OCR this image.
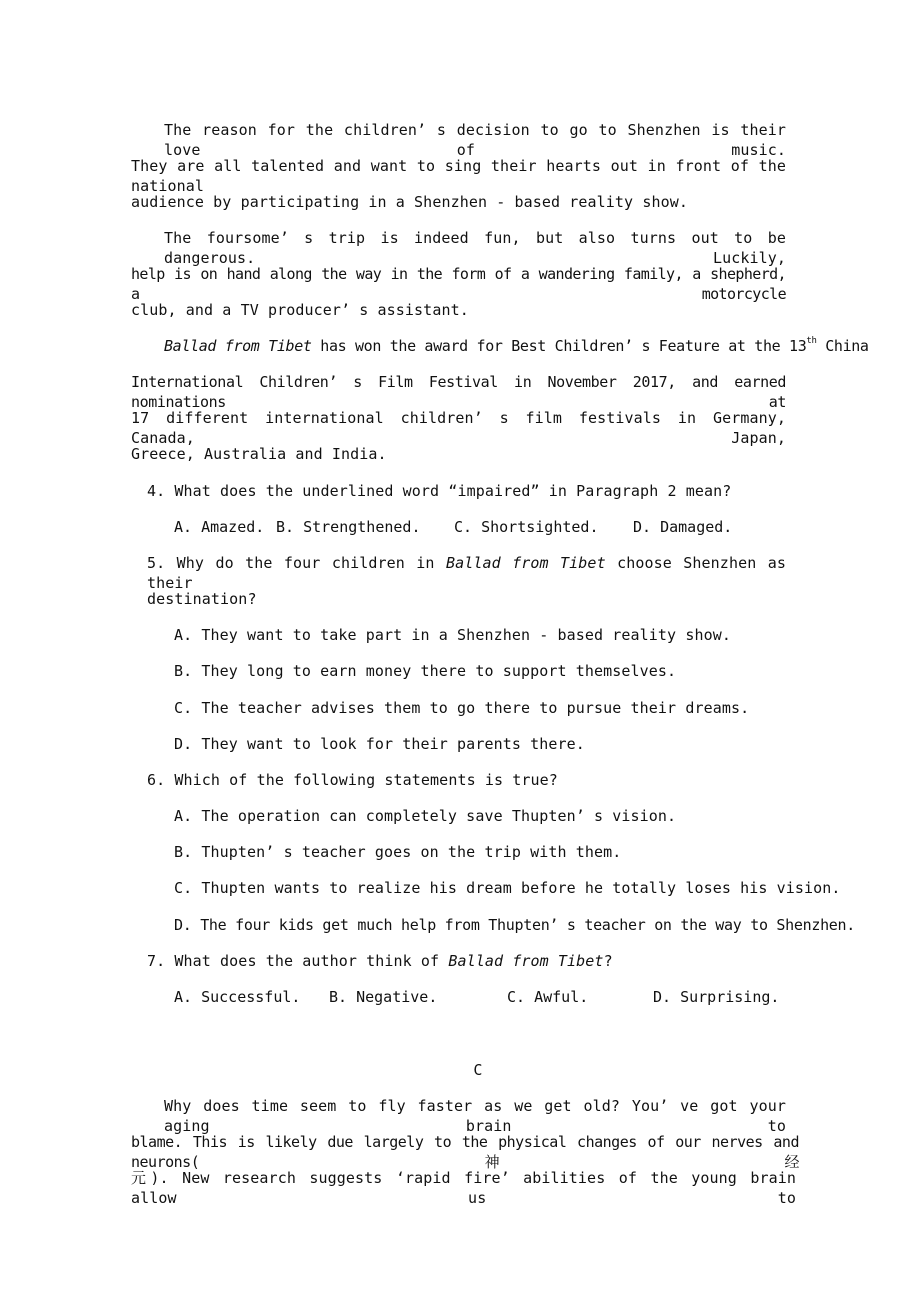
The reason for the children’ s decision to go to Shenzhen is their love of music.
They are all talented and want to sing their hearts out in front of the national
audience by participating in a Shenzhen - based reality show.
The foursome’ s trip is indeed fun, but also turns out to be dangerous. Luckily,
help is on hand along the way in the form of a wandering family, a shepherd, a motorcycle
club, and a TV producer’ s assistant.
Ballad from Tibet has won the award for Best Children’ s Feature at the 13th China
International Children’ s Film Festival in November 2017, and earned nominations at
17 different international children’ s film festivals in Germany, Canada, Japan,
Greece, Australia and India.
4. What does the underlined word “impaired” in Paragraph 2 mean?
A. Amazed. B. Strengthened. C. Shortsighted. D. Damaged.
5. Why do the four children in Ballad from Tibet choose Shenzhen as their
destination?
A. They want to take part in a Shenzhen - based reality show.
B. They long to earn money there to support themselves.
C. The teacher advises them to go there to pursue their dreams.
D. They want to look for their parents there.
6. Which of the following statements is true?
A. The operation can completely save Thupten’ s vision.
B. Thupten’ s teacher goes on the trip with them.
C. Thupten wants to realize his dream before he totally loses his vision.
D. The four kids get much help from Thupten’ s teacher on the way to Shenzhen.
7. What does the author think of Ballad from Tibet?
A. Successful. B. Negative.	C. Awful.	D. Surprising.
C
Why does time seem to fly faster as we get old? You’ ve got your aging brain to
blame. This is likely due largely to the physical changes of our nerves and neurons(神经
元). New research suggests ‘rapid fire’ abilities of the young brain allow us to
